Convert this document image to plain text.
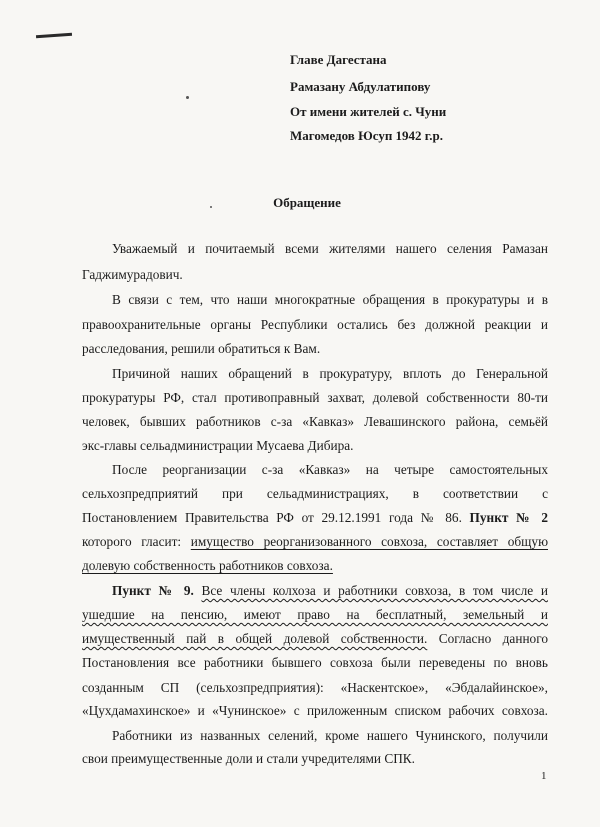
Главе Дагестана
Рамазану Абдулатипову
От имени жителей с. Чуни
Магомедов Юсуп 1942 г.р.
Обращение
Уважаемый и почитаемый всеми жителями нашего селения Рамазан
Гаджимурадович.
В связи с тем, что наши многократные обращения в прокуратуры и в
правоохранительные органы Республики остались без должной реакции и
расследования, решили обратиться к Вам.
Причиной наших обращений в прокуратуру, вплоть до Генеральной
прокуратуры РФ, стал противоправный захват, долевой собственности 80-ти
человек, бывших работников с-за «Кавказ» Левашинского района, семьёй
экс-главы сельадминистрации Мусаева Дибира.
После реорганизации с-за «Кавказ» на четыре самостоятельных
сельхозпредприятий при сельадминистрациях, в соответствии с
Постановлением Правительства РФ от 29.12.1991 года № 86. Пункт № 2
которого гласит: имущество реорганизованного совхоза, составляет общую
долевую собственность работников совхоза.
Пункт № 9. Все члены колхоза и работники совхоза, в том числе и
ушедшие на пенсию, имеют право на бесплатный, земельный и
имущественный пай в общей долевой собственности. Согласно данного
Постановления все работники бывшего совхоза были переведены по вновь
созданным СП (сельхозпредприятия): «Наскентское», «Эбдалайинское»,
«Цухдамахинское» и «Чунинское» с приложенным списком рабочих совхоза.
Работники из названных селений, кроме нашего Чунинского, получили
свои преимущественные доли и стали учредителями СПК.
1
